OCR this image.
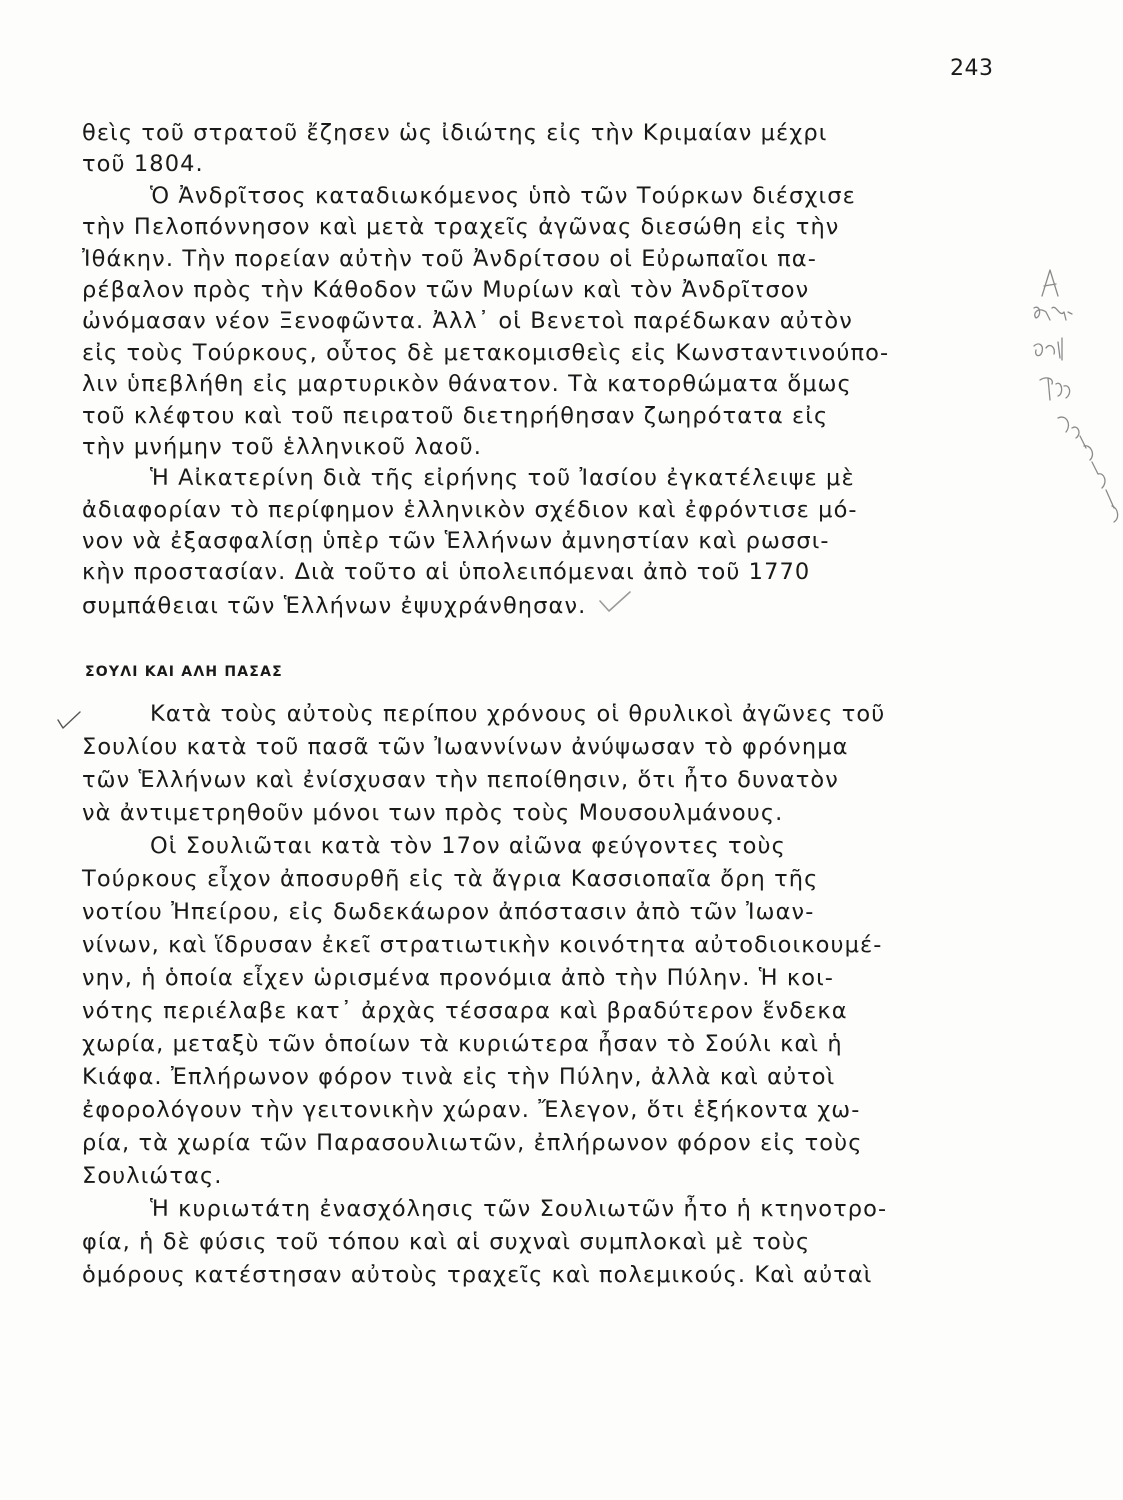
243
θεὶς τοῦ στρατοῦ ἔζησεν ὡς ἰδιώτης εἰς τὴν Κριμαίαν μέχρι
τοῦ 1804.
Ὁ Ἀνδρῖτσος καταδιωκόμενος ὑπὸ τῶν Τούρκων διέσχισε
τὴν Πελοπόννησον καὶ μετὰ τραχεῖς ἀγῶνας διεσώθη εἰς τὴν
Ἰθάκην. Τὴν πορείαν αὐτὴν τοῦ Ἀνδρίτσου οἱ Εὐρωπαῖοι πα-
ρέβαλον πρὸς τὴν Κάθοδον τῶν Μυρίων καὶ τὸν Ἀνδρῖτσον
ὠνόμασαν νέον Ξενοφῶντα. Ἀλλ᾽ οἱ Βενετοὶ παρέδωκαν αὐτὸν
εἰς τοὺς Τούρκους, οὗτος δὲ μετακομισθεὶς εἰς Κωνσταντινούπο-
λιν ὑπεβλήθη εἰς μαρτυρικὸν θάνατον. Τὰ κατορθώματα ὅμως
τοῦ κλέφτου καὶ τοῦ πειρατοῦ διετηρήθησαν ζωηρότατα εἰς
τὴν μνήμην τοῦ ἑλληνικοῦ λαοῦ.
Ἡ Αἰκατερίνη διὰ τῆς εἰρήνης τοῦ Ἰασίου ἐγκατέλειψε μὲ
ἀδιαφορίαν τὸ περίφημον ἑλληνικὸν σχέδιον καὶ ἐφρόντισε μό-
νον νὰ ἐξασφαλίσῃ ὑπὲρ τῶν Ἑλλήνων ἀμνηστίαν καὶ ρωσσι-
κὴν προστασίαν. Διὰ τοῦτο αἱ ὑπολειπόμεναι ἀπὸ τοῦ 1770
συμπάθειαι τῶν Ἑλλήνων ἐψυχράνθησαν.
ΣΟΥΛΙ ΚΑΙ ΑΛΗ ΠΑΣΑΣ
Κατὰ τοὺς αὐτοὺς περίπου χρόνους οἱ θρυλικοὶ ἀγῶνες τοῦ
Σουλίου κατὰ τοῦ πασᾶ τῶν Ἰωαννίνων ἀνύψωσαν τὸ φρόνημα
τῶν Ἑλλήνων καὶ ἐνίσχυσαν τὴν πεποίθησιν, ὅτι ἦτο δυνατὸν
νὰ ἀντιμετρηθοῦν μόνοι των πρὸς τοὺς Μουσουλμάνους.
Οἱ Σουλιῶται κατὰ τὸν 17ον αἰῶνα φεύγοντες τοὺς
Τούρκους εἶχον ἀποσυρθῆ εἰς τὰ ἄγρια Κασσιοπαῖα ὄρη τῆς
νοτίου Ἠπείρου, εἰς δωδεκάωρον ἀπόστασιν ἀπὸ τῶν Ἰωαν-
νίνων, καὶ ἵδρυσαν ἐκεῖ στρατιωτικὴν κοινότητα αὐτοδιοικουμέ-
νην, ἡ ὁποία εἶχεν ὡρισμένα προνόμια ἀπὸ τὴν Πύλην. Ἡ κοι-
νότης περιέλαβε κατ᾽ ἀρχὰς τέσσαρα καὶ βραδύτερον ἕνδεκα
χωρία, μεταξὺ τῶν ὁποίων τὰ κυριώτερα ἦσαν τὸ Σούλι καὶ ἡ
Κιάφα. Ἐπλήρωνον φόρον τινὰ εἰς τὴν Πύλην, ἀλλὰ καὶ αὐτοὶ
ἐφορολόγουν τὴν γειτονικὴν χώραν. Ἔλεγον, ὅτι ἑξήκοντα χω-
ρία, τὰ χωρία τῶν Παρασουλιωτῶν, ἐπλήρωνον φόρον εἰς τοὺς
Σουλιώτας.
Ἡ κυριωτάτη ἐνασχόλησις τῶν Σουλιωτῶν ἦτο ἡ κτηνοτρο-
φία, ἡ δὲ φύσις τοῦ τόπου καὶ αἱ συχναὶ συμπλοκαὶ μὲ τοὺς
ὁμόρους κατέστησαν αὐτοὺς τραχεῖς καὶ πολεμικούς. Καὶ αὐταὶ
